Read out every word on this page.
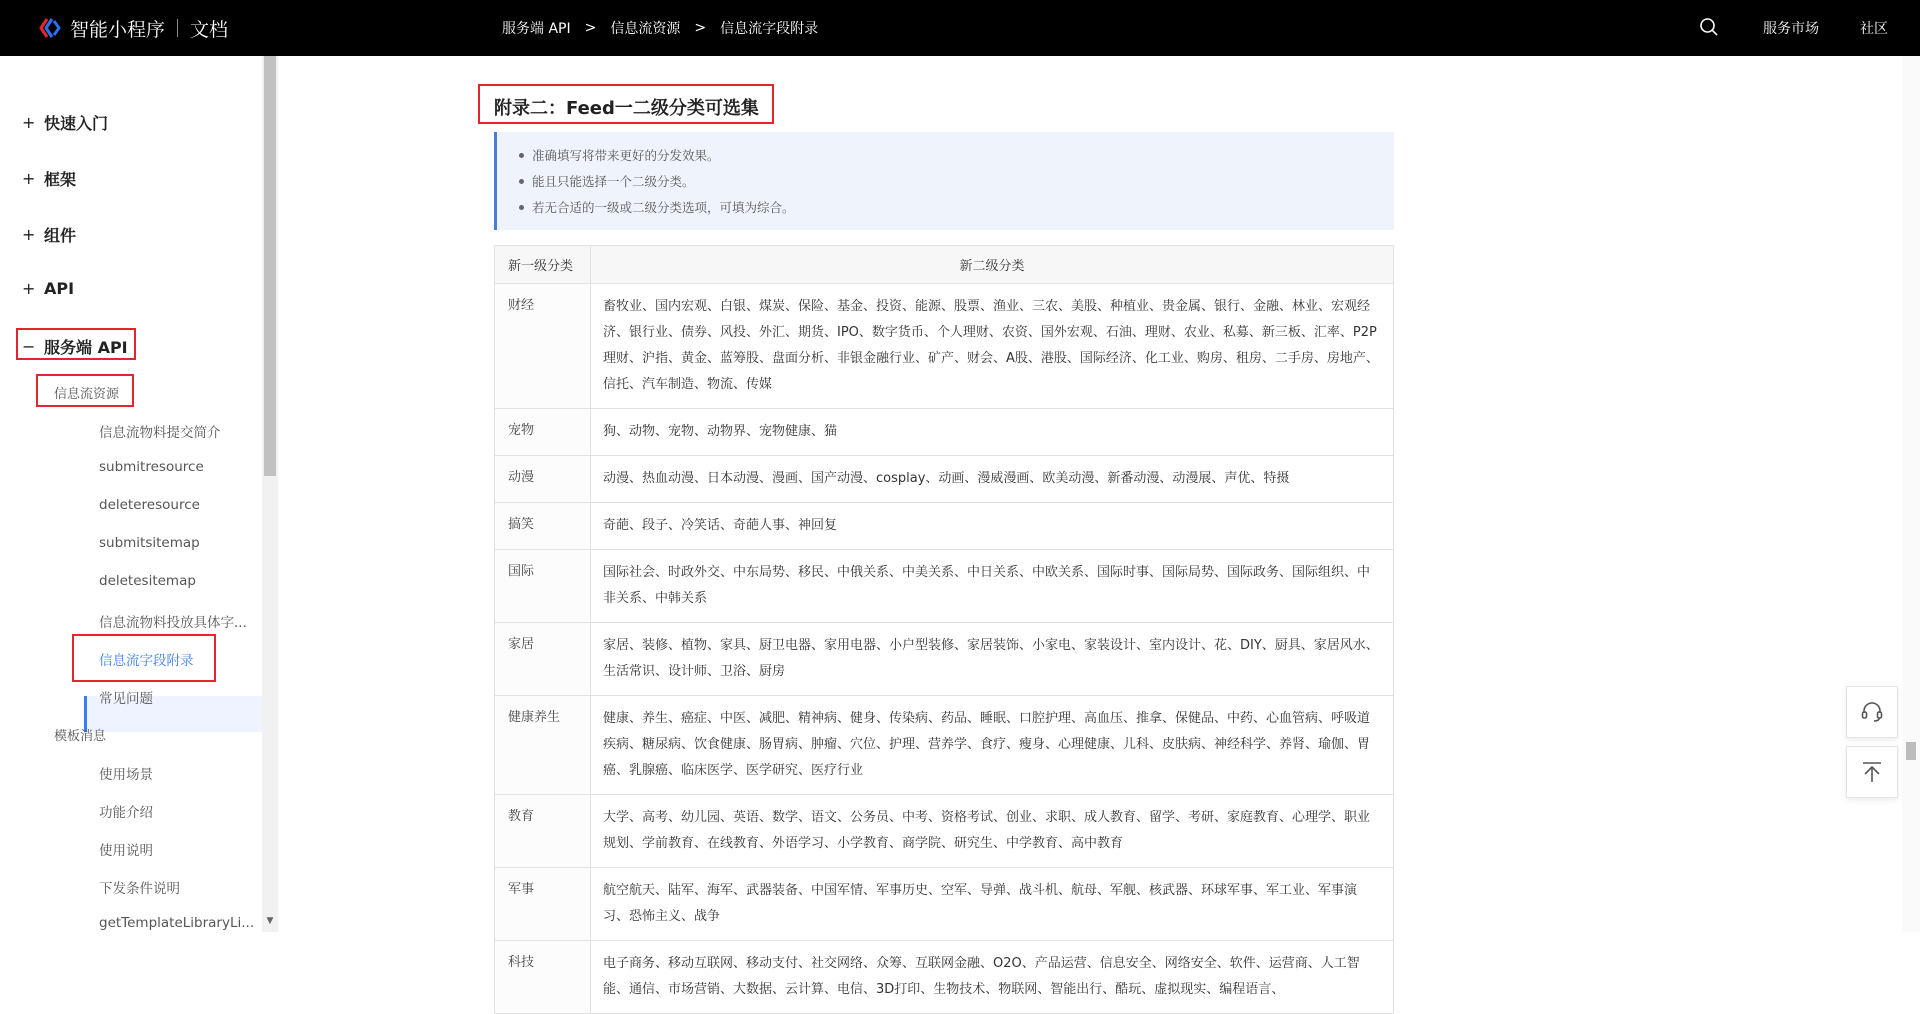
智能小程序 文档	服务端 API > 信息流资源 > 信息流字段附录	服务市场	社区
+ 快速入门
+ 框架
+ 组件
+ API
− 服务端 API
信息流资源
信息流物料提交简介
submitresource
deleteresource
submitsitemap
deletesitemap
信息流物料投放具体字...
信息流字段附录
常见问题
模板消息
使用场景
功能介绍
使用说明
下发条件说明
getTemplateLibraryLi... ▼
附录二：Feed一二级分类可选集
准确填写将带来更好的分发效果。
能且只能选择一个二级分类。
若无合适的一级或二级分类选项，可填为综合。
新一级分类	新二级分类
财经	畜牧业、国内宏观、白银、煤炭、保险、基金、投资、能源、股票、渔业、三农、美股、种植业、贵金属、银行、金融、林业、宏观经济、银行业、债券、风投、外汇、期货、IPO、数字货币、个人理财、农资、国外宏观、石油、理财、农业、私募、新三板、汇率、P2P理财、沪指、黄金、蓝筹股、盘面分析、非银金融行业、矿产、财会、A股、港股、国际经济、化工业、购房、租房、二手房、房地产、信托、汽车制造、物流、传媒
宠物	狗、动物、宠物、动物界、宠物健康、猫
动漫	动漫、热血动漫、日本动漫、漫画、国产动漫、cosplay、动画、漫威漫画、欧美动漫、新番动漫、动漫展、声优、特摄
搞笑	奇葩、段子、冷笑话、奇葩人事、神回复
国际	国际社会、时政外交、中东局势、移民、中俄关系、中美关系、中日关系、中欧关系、国际时事、国际局势、国际政务、国际组织、中非关系、中韩关系
家居	家居、装修、植物、家具、厨卫电器、家用电器、小户型装修、家居装饰、小家电、家装设计、室内设计、花、DIY、厨具、家居风水、生活常识、设计师、卫浴、厨房
健康养生	健康、养生、癌症、中医、减肥、精神病、健身、传染病、药品、睡眠、口腔护理、高血压、推拿、保健品、中药、心血管病、呼吸道疾病、糖尿病、饮食健康、肠胃病、肿瘤、穴位、护理、营养学、食疗、瘦身、心理健康、儿科、皮肤病、神经科学、养肾、瑜伽、胃癌、乳腺癌、临床医学、医学研究、医疗行业
教育	大学、高考、幼儿园、英语、数学、语文、公务员、中考、资格考试、创业、求职、成人教育、留学、考研、家庭教育、心理学、职业规划、学前教育、在线教育、外语学习、小学教育、商学院、研究生、中学教育、高中教育
军事	航空航天、陆军、海军、武器装备、中国军情、军事历史、空军、导弹、战斗机、航母、军舰、核武器、环球军事、军工业、军事演习、恐怖主义、战争
科技	电子商务、移动互联网、移动支付、社交网络、众筹、互联网金融、O2O、产品运营、信息安全、网络安全、软件、运营商、人工智能、通信、市场营销、大数据、云计算、电信、3D打印、生物技术、物联网、智能出行、酷玩、虚拟现实、编程语言、
